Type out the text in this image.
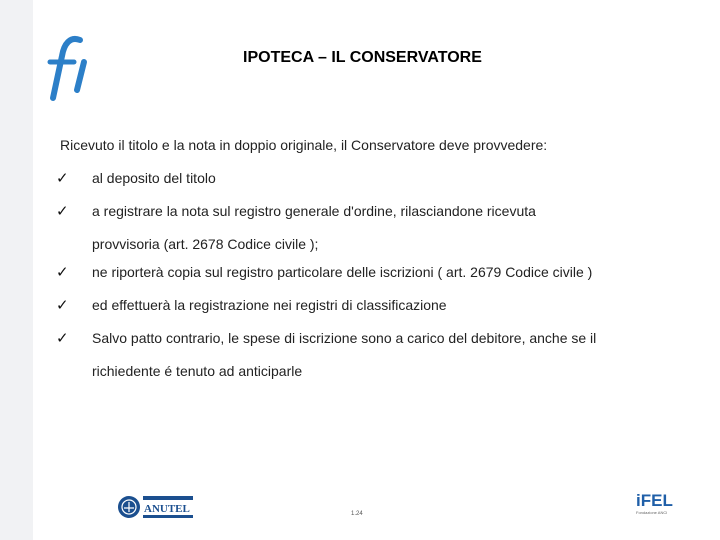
IPOTECA – IL CONSERVATORE
Ricevuto il titolo e la nota in doppio originale, il Conservatore deve provvedere:
✓ al deposito del titolo
✓ a registrare la nota sul registro generale d'ordine, rilasciandone ricevuta
provvisoria (art. 2678 Codice civile );
✓ ne riporterà copia sul registro particolare delle iscrizioni ( art. 2679 Codice civile )
✓ ed effettuerà la registrazione nei registri di classificazione
✓ Salvo patto contrario, le spese di iscrizione sono a carico del debitore, anche se il
richiedente é tenuto ad anticiparle
ANUTEL	1.24
iFEL
Fondazione ANCI
